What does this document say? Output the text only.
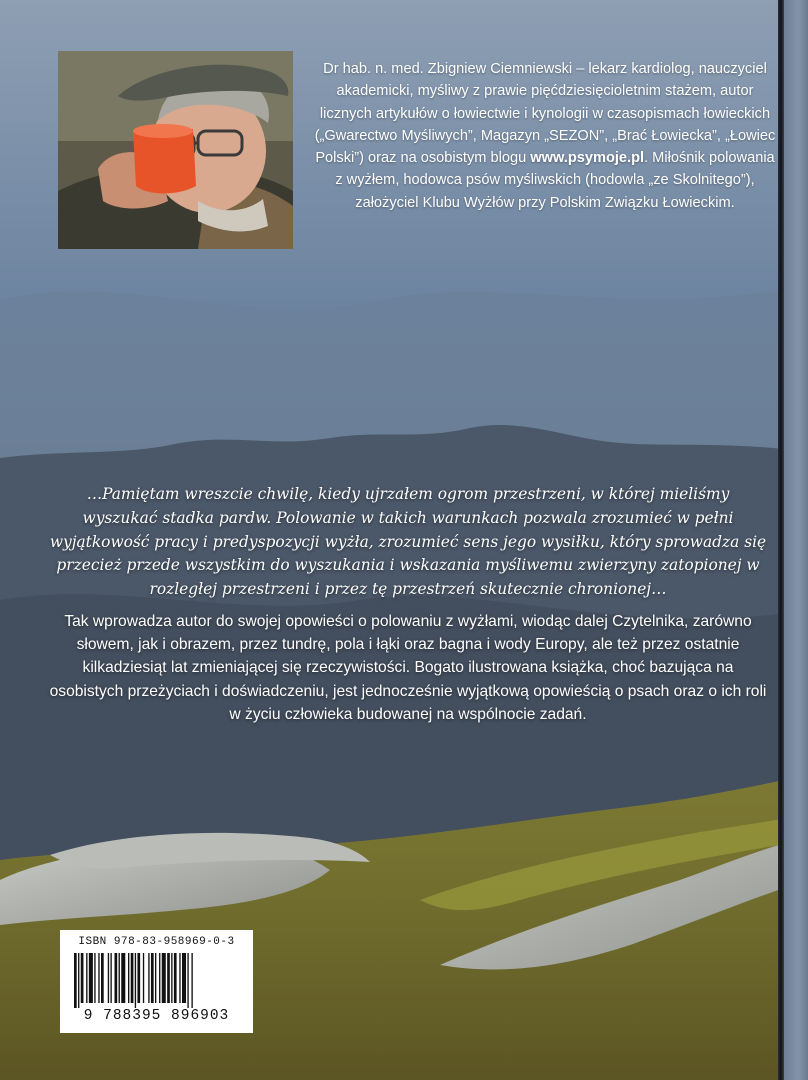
Dr hab. n. med. Zbigniew Ciemniewski – lekarz kardiolog, nauczyciel akademicki, myśliwy z prawie pięćdziesięcioletnim stażem, autor licznych artykułów o łowiectwie i kynologii w czasopismach łowieckich („Gwarectwo Myśliwych”, Magazyn „SEZON”, „Brać Łowiecka”, „Łowiec Polski”) oraz na osobistym blogu www.psymoje.pl. Miłośnik polowania z wyżłem, hodowca psów myśliwskich (hodowla „ze Skolnitego”), założyciel Klubu Wyżłów przy Polskim Związku Łowieckim.
…Pamiętam wreszcie chwilę, kiedy ujrzałem ogrom przestrzeni, w której mieliśmy wyszukać stadka pardw. Polowanie w takich warunkach pozwala zrozumieć w pełni wyjątkowość pracy i predyspozycji wyżła, zrozumieć sens jego wysiłku, który sprowadza się przecież przede wszystkim do wyszukania i wskazania myśliwemu zwierzyny zatopionej w rozległej przestrzeni i przez tę przestrzeń skutecznie chronionej…
Tak wprowadza autor do swojej opowieści o polowaniu z wyżłami, wiodąc dalej Czytelnika, zarówno słowem, jak i obrazem, przez tundrę, pola i łąki oraz bagna i wody Europy, ale też przez ostatnie kilkadziesiąt lat zmieniającej się rzeczywistości. Bogato ilustrowana książka, choć bazująca na osobistych przeżyciach i doświadczeniu, jest jednocześnie wyjątkową opowieścią o psach oraz o ich roli w życiu człowieka budowanej na wspólnocie zadań.
ISBN 978-83-958969-0-3
9 788395 896903
